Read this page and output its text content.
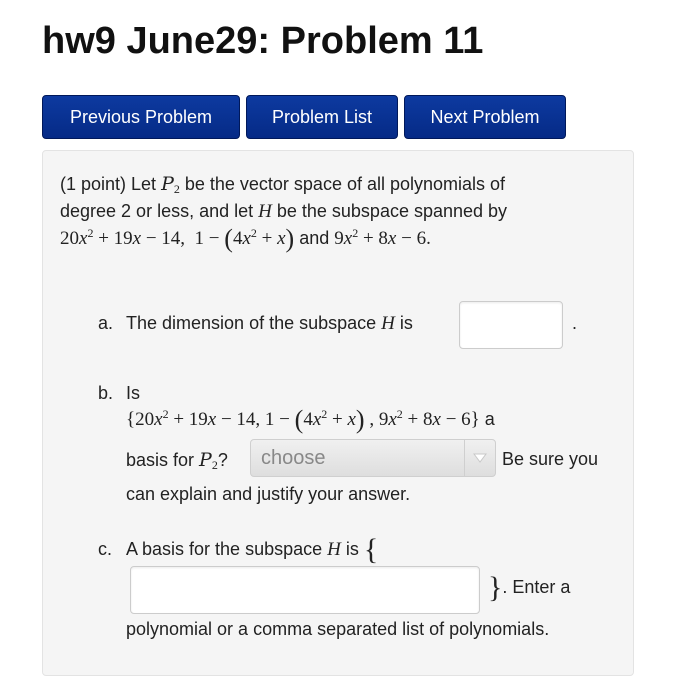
hw9 June29: Problem 11
Previous Problem	Problem List	Next Problem
(1 point) Let $P_2$ be the vector space of all polynomials of
degree 2 or less, and let H be the subspace spanned by
$20x^2 + 19x - 14$,  $1 - (4x^2 + x)$ and $9x^2 + 8x - 6$.
a. The dimension of the subspace H is	.
b. Is
{$20x^2 + 19x - 14$, $1 - (4x^2 + x)$ , $9x^2 + 8x - 6$} a
basis for $P_2$? choose	Be sure you
can explain and justify your answer.
c. A basis for the subspace H is {
}. Enter a
polynomial or a comma separated list of polynomials.
